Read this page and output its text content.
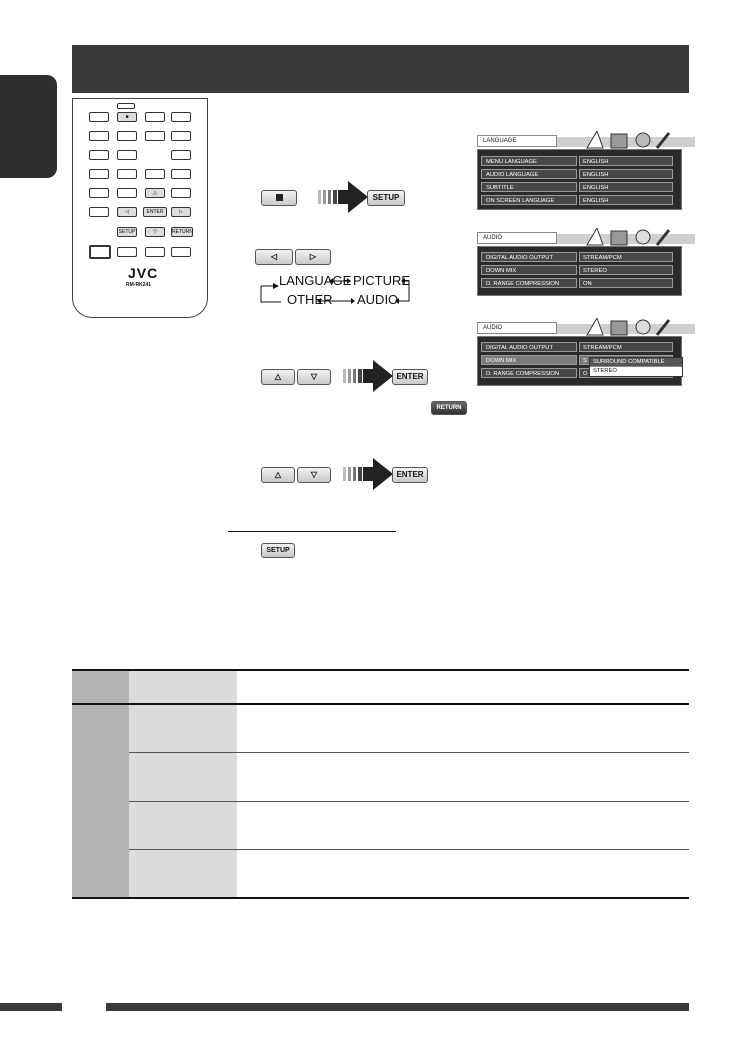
■
△
◁	ENTER	▷
SETUP	▽	RETURN
JVC
RM-RK241
SETUP
◁	▷
LANGUAGE PICTURE
OTHER AUDIO
△	▽	ENTER
RETURN
△	▽	ENTER
SETUP
LANGUAGE
MENU LANGUAGE	ENGLISH
AUDIO LANGUAGE	ENGLISH
SUBTITLE	ENGLISH
ON SCREEN LANGUAGE	ENGLISH
AUDIO
DIGITAL AUDIO OUTPUT	STREAM/PCM
DOWN MIX	STEREO
D. RANGE COMPRESSION	ON
AUDIO
DIGITAL AUDIO OUTPUT	STREAM/PCM
DOWN MIX	S
D. RANGE COMPRESSION	O
SURROUND COMPATIBLE
STEREO
